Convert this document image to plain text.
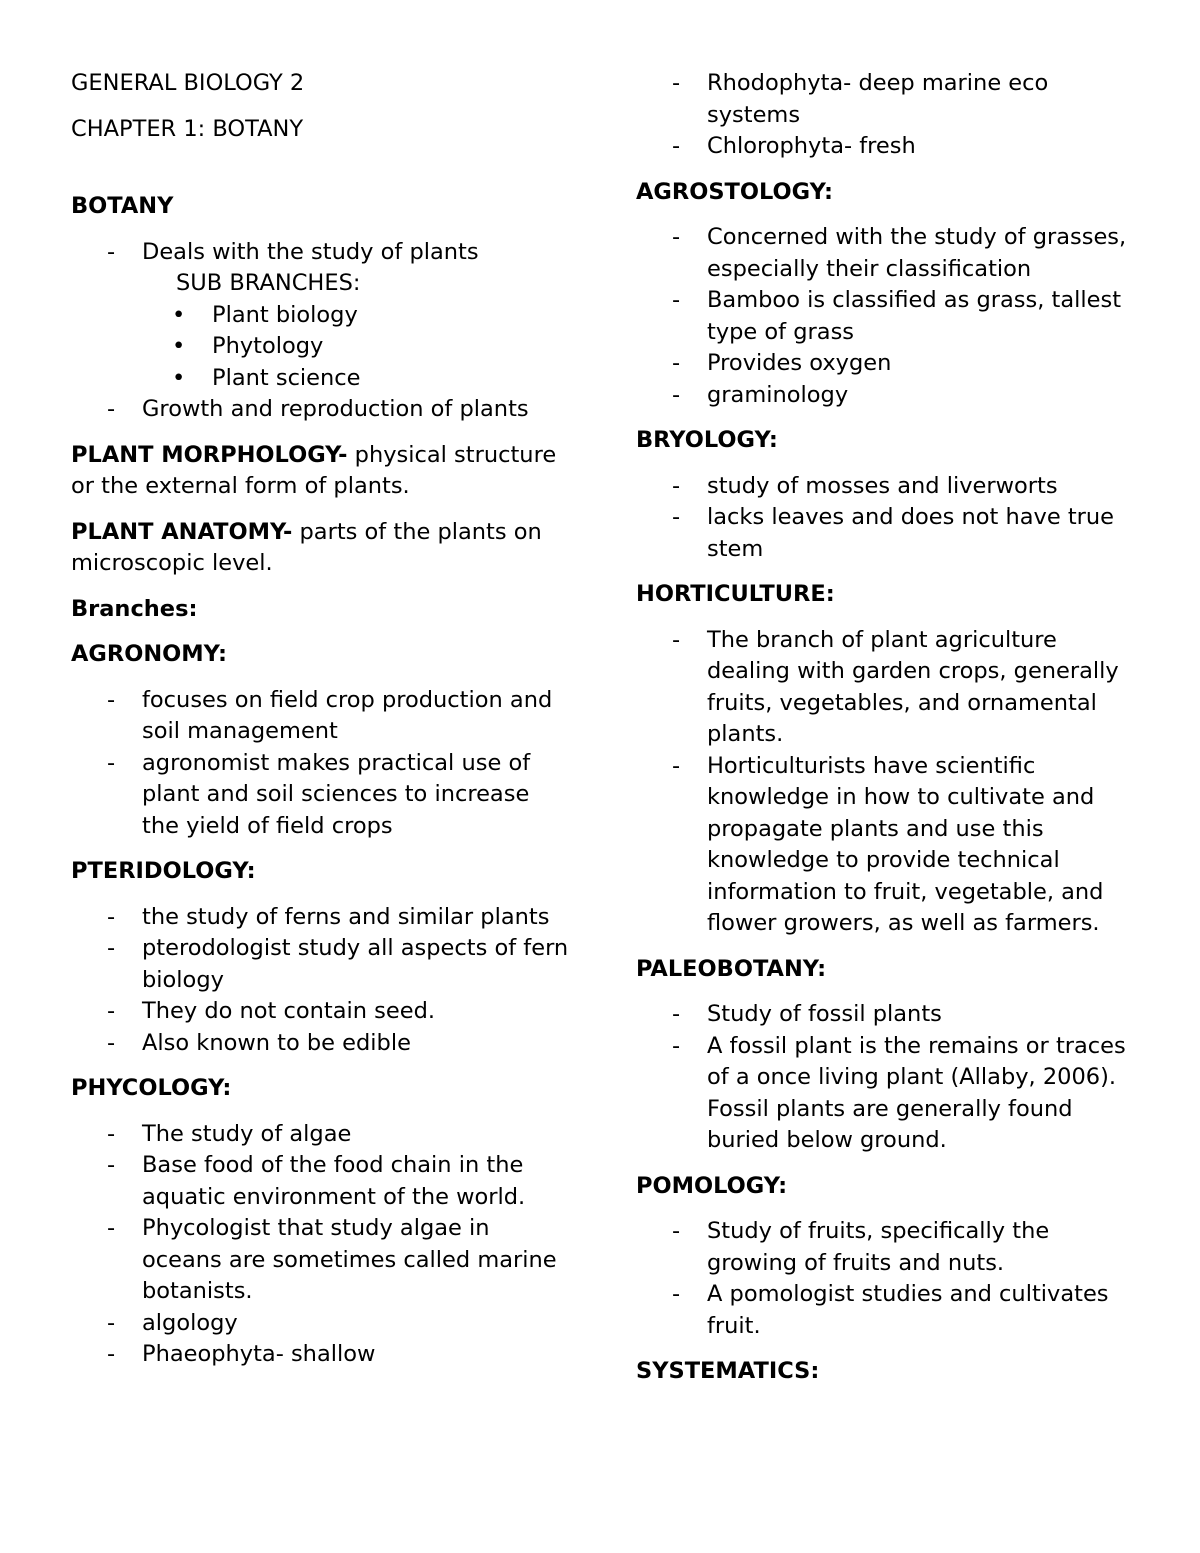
GENERAL BIOLOGY 2

CHAPTER 1: BOTANY

BOTANY

- Deals with the study of plants

SUB BRANCHES:

• Plant biology
• Phytology
• Plant science
- Growth and reproduction of plants

PLANT MORPHOLOGY- physical structure or the external form of plants.

PLANT ANATOMY- parts of the plants on microscopic level.

Branches:

AGRONOMY:

- focuses on field crop production and soil management
- agronomist makes practical use of plant and soil sciences to increase the yield of field crops

PTERIDOLOGY:

- the study of ferns and similar plants
- pterodologist study all aspects of fern biology
- They do not contain seed.
- Also known to be edible

PHYCOLOGY:

- The study of algae
- Base food of the food chain in the aquatic environment of the world.
- Phycologist that study algae in oceans are sometimes called marine botanists.
- algology
- Phaeophyta- shallow
- Rhodophyta- deep marine eco systems
- Chlorophyta- fresh

AGROSTOLOGY:

- Concerned with the study of grasses, especially their classification
- Bamboo is classified as grass, tallest type of grass
- Provides oxygen
- graminology

BRYOLOGY:

- study of mosses and liverworts
- lacks leaves and does not have true stem

HORTICULTURE:

- The branch of plant agriculture dealing with garden crops, generally fruits, vegetables, and ornamental plants.
- Horticulturists have scientific knowledge in how to cultivate and propagate plants and use this knowledge to provide technical information to fruit, vegetable, and flower growers, as well as farmers.

PALEOBOTANY:

- Study of fossil plants
- A fossil plant is the remains or traces of a once living plant (Allaby, 2006). Fossil plants are generally found buried below ground.

POMOLOGY:

- Study of fruits, specifically the growing of fruits and nuts.
- A pomologist studies and cultivates fruit.

SYSTEMATICS:
